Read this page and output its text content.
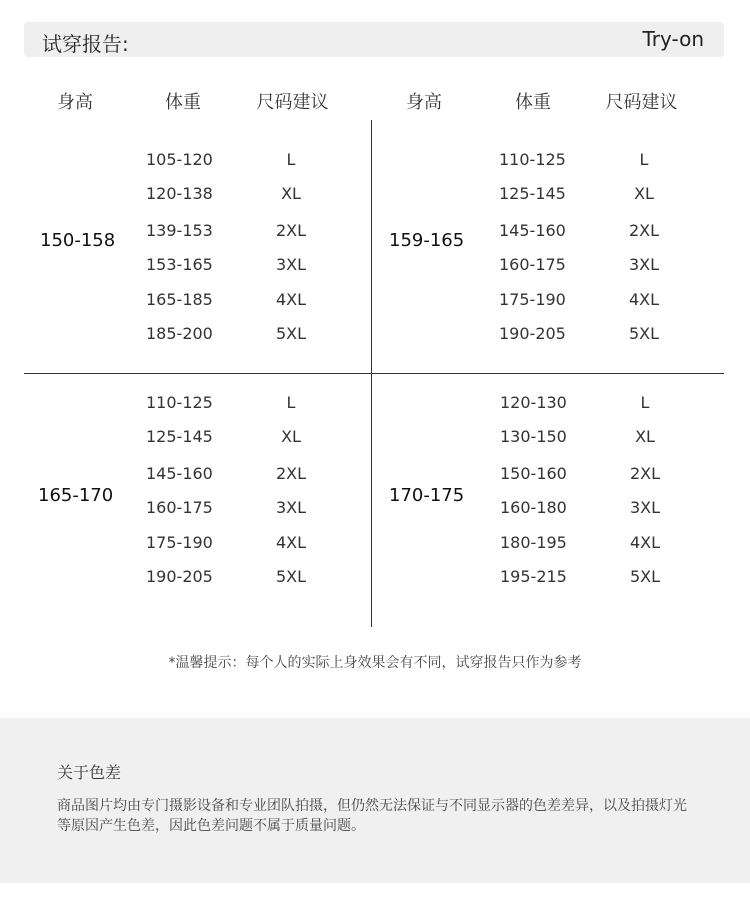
试穿报告:	Try-on
身高	体重	尺码建议	身高	体重	尺码建议
150-158
105-120	L
120-138	XL
139-153	2XL
153-165	3XL
165-185	4XL
185-200	5XL
159-165
110-125	L
125-145	XL
145-160	2XL
160-175	3XL
175-190	4XL
190-205	5XL
165-170
110-125	L
125-145	XL
145-160	2XL
160-175	3XL
175-190	4XL
190-205	5XL
170-175
120-130	L
130-150	XL
150-160	2XL
160-180	3XL
180-195	4XL
195-215	5XL
*温馨提示：每个人的实际上身效果会有不同，试穿报告只作为参考
关于色差
商品图片均由专门摄影设备和专业团队拍摄，但仍然无法保证与不同显示器的色差差异，以及拍摄灯光等原因产生色差，因此色差问题不属于质量问题。
